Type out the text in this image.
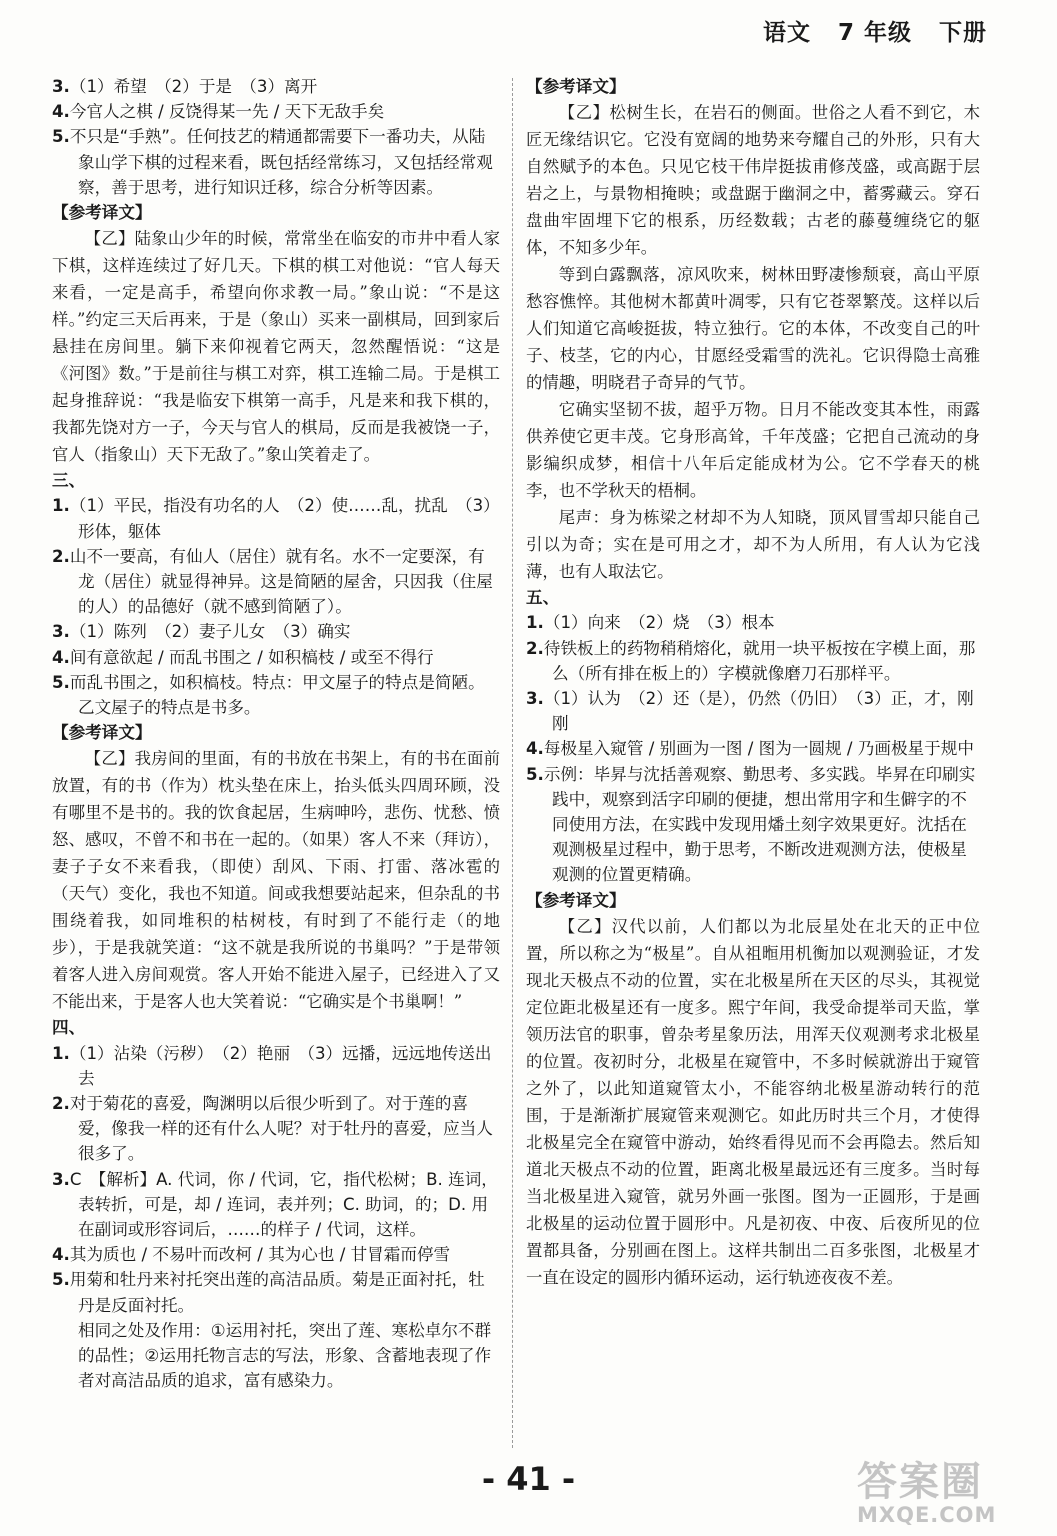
语文 7 年级 下册

3.（1）希望　（2）于是　（3）离开

4.今官人之棋 / 反饶得某一先 / 天下无敌手矣

5.不只是“手熟”。任何技艺的精通都需要下一番功夫，从陆象山学下棋的过程来看，既包括经常练习，又包括经常观察，善于思考，进行知识迁移，综合分析等因素。

【参考译文】

【乙】陆象山少年的时候，常常坐在临安的市井中看人家下棋，这样连续过了好几天。下棋的棋工对他说：“官人每天来看，一定是高手，希望向你求教一局。”象山说：“不是这样。”约定三天后再来，于是（象山）买来一副棋局，回到家后悬挂在房间里。躺下来仰视着它两天，忽然醒悟说：“这是《河图》数。”于是前往与棋工对弈，棋工连输二局。于是棋工起身推辞说：“我是临安下棋第一高手，凡是来和我下棋的，我都先饶对方一子，今天与官人的棋局，反而是我被饶一子，官人（指象山）天下无敌了。”象山笑着走了。

三、

1.（1）平民，指没有功名的人　（2）使……乱，扰乱　（3）形体，躯体

2.山不一要高，有仙人（居住）就有名。水不一定要深，有龙（居住）就显得神异。这是简陋的屋舍，只因我（住屋的人）的品德好（就不感到简陋了）。

3.（1）陈列　（2）妻子儿女　（3）确实

4.间有意欲起 / 而乱书围之 / 如积槁枝 / 或至不得行

5.而乱书围之，如积槁枝。特点：甲文屋子的特点是简陋。乙文屋子的特点是书多。

【参考译文】

【乙】我房间的里面，有的书放在书架上，有的书在面前放置，有的书（作为）枕头垫在床上，抬头低头四周环顾，没有哪里不是书的。我的饮食起居，生病呻吟，悲伤、忧愁、愤怒、感叹，不曾不和书在一起的。（如果）客人不来（拜访），妻子子女不来看我，（即使）刮风、下雨、打雷、落冰雹的（天气）变化，我也不知道。间或我想要站起来，但杂乱的书围绕着我，如同堆积的枯树枝，有时到了不能行走（的地步），于是我就笑道：“这不就是我所说的书巢吗？”于是带领着客人进入房间观赏。客人开始不能进入屋子，已经进入了又不能出来，于是客人也大笑着说：“它确实是个书巢啊！”

四、

1.（1）沾染（污秽）　（2）艳丽　（3）远播，远远地传送出去

2.对于菊花的喜爱，陶渊明以后很少听到了。对于莲的喜爱，像我一样的还有什么人呢？对于牡丹的喜爱，应当人很多了。

3.C　【解析】A. 代词，你 / 代词，它，指代松树；B. 连词，表转折，可是，却 / 连词，表并列；C. 助词，的；D. 用在副词或形容词后，……的样子 / 代词，这样。

4.其为质也 / 不易叶而改柯 / 其为心也 / 甘冒霜而停雪

5.用菊和牡丹来衬托突出莲的高洁品质。菊是正面衬托，牡丹是反面衬托。

相同之处及作用：①运用衬托，突出了莲、寒松卓尔不群的品性；②运用托物言志的写法，形象、含蓄地表现了作者对高洁品质的追求，富有感染力。

【参考译文】

【乙】松树生长，在岩石的侧面。世俗之人看不到它，木匠无缘结识它。它没有宽阔的地势来夸耀自己的外形，只有大自然赋予的本色。只见它枝干伟岸挺拔甫修茂盛，或高踞于层岩之上，与景物相掩映；或盘踞于幽洞之中，蓄雾藏云。穿石盘曲牢固埋下它的根系，历经数载；古老的藤蔓缠绕它的躯体，不知多少年。

等到白露飘落，凉风吹来，树林田野凄惨颓衰，高山平原愁容憔悴。其他树木都黄叶凋零，只有它苍翠繁茂。这样以后人们知道它高峻挺拔，特立独行。它的本体，不改变自己的叶子、枝茎，它的内心，甘愿经受霜雪的洗礼。它识得隐士高雅的情趣，明晓君子奇异的气节。

它确实坚韧不拔，超乎万物。日月不能改变其本性，雨露供养使它更丰茂。它身形高耸，千年茂盛；它把自己流动的身影编织成梦，相信十八年后定能成材为公。它不学春天的桃李，也不学秋天的梧桐。

尾声：身为栋梁之材却不为人知晓，顶风冒雪却只能自己引以为奇；实在是可用之才，却不为人所用，有人认为它浅薄，也有人取法它。

五、

1.（1）向来　（2）烧　（3）根本

2.待铁板上的药物稍稍熔化，就用一块平板按在字模上面，那么（所有排在板上的）字模就像磨刀石那样平。

3.（1）认为　（2）还（是），仍然（仍旧）　（3）正，才，刚刚

4.每极星入窥管 / 别画为一图 / 图为一圆规 / 乃画极星于规中

5.示例：毕昇与沈括善观察、勤思考、多实践。毕昇在印刷实践中，观察到活字印刷的便捷，想出常用字和生僻字的不同使用方法，在实践中发现用燔土刻字效果更好。沈括在观测极星过程中，勤于思考，不断改进观测方法，使极星观测的位置更精确。

【参考译文】

【乙】汉代以前，人们都以为北辰星处在北天的正中位置，所以称之为“极星”。自从祖暅用机衡加以观测验证，才发现北天极点不动的位置，实在北极星所在天区的尽头，其视觉定位距北极星还有一度多。熙宁年间，我受命提举司天监，掌领历法官的职事，曾杂考星象历法，用浑天仪观测考求北极星的位置。夜初时分，北极星在窥管中，不多时候就游出于窥管之外了，以此知道窥管太小，不能容纳北极星游动转行的范围，于是渐渐扩展窥管来观测它。如此历时共三个月，才使得北极星完全在窥管中游动，始终看得见而不会再隐去。然后知道北天极点不动的位置，距离北极星最远还有三度多。当时每当北极星进入窥管，就另外画一张图。图为一正圆形，于是画北极星的运动位置于圆形中。凡是初夜、中夜、后夜所见的位置都具备，分别画在图上。这样共制出二百多张图，北极星才一直在设定的圆形内循环运动，运行轨迹夜夜不差。

- 41 -	答案圈
MXQE.COM
